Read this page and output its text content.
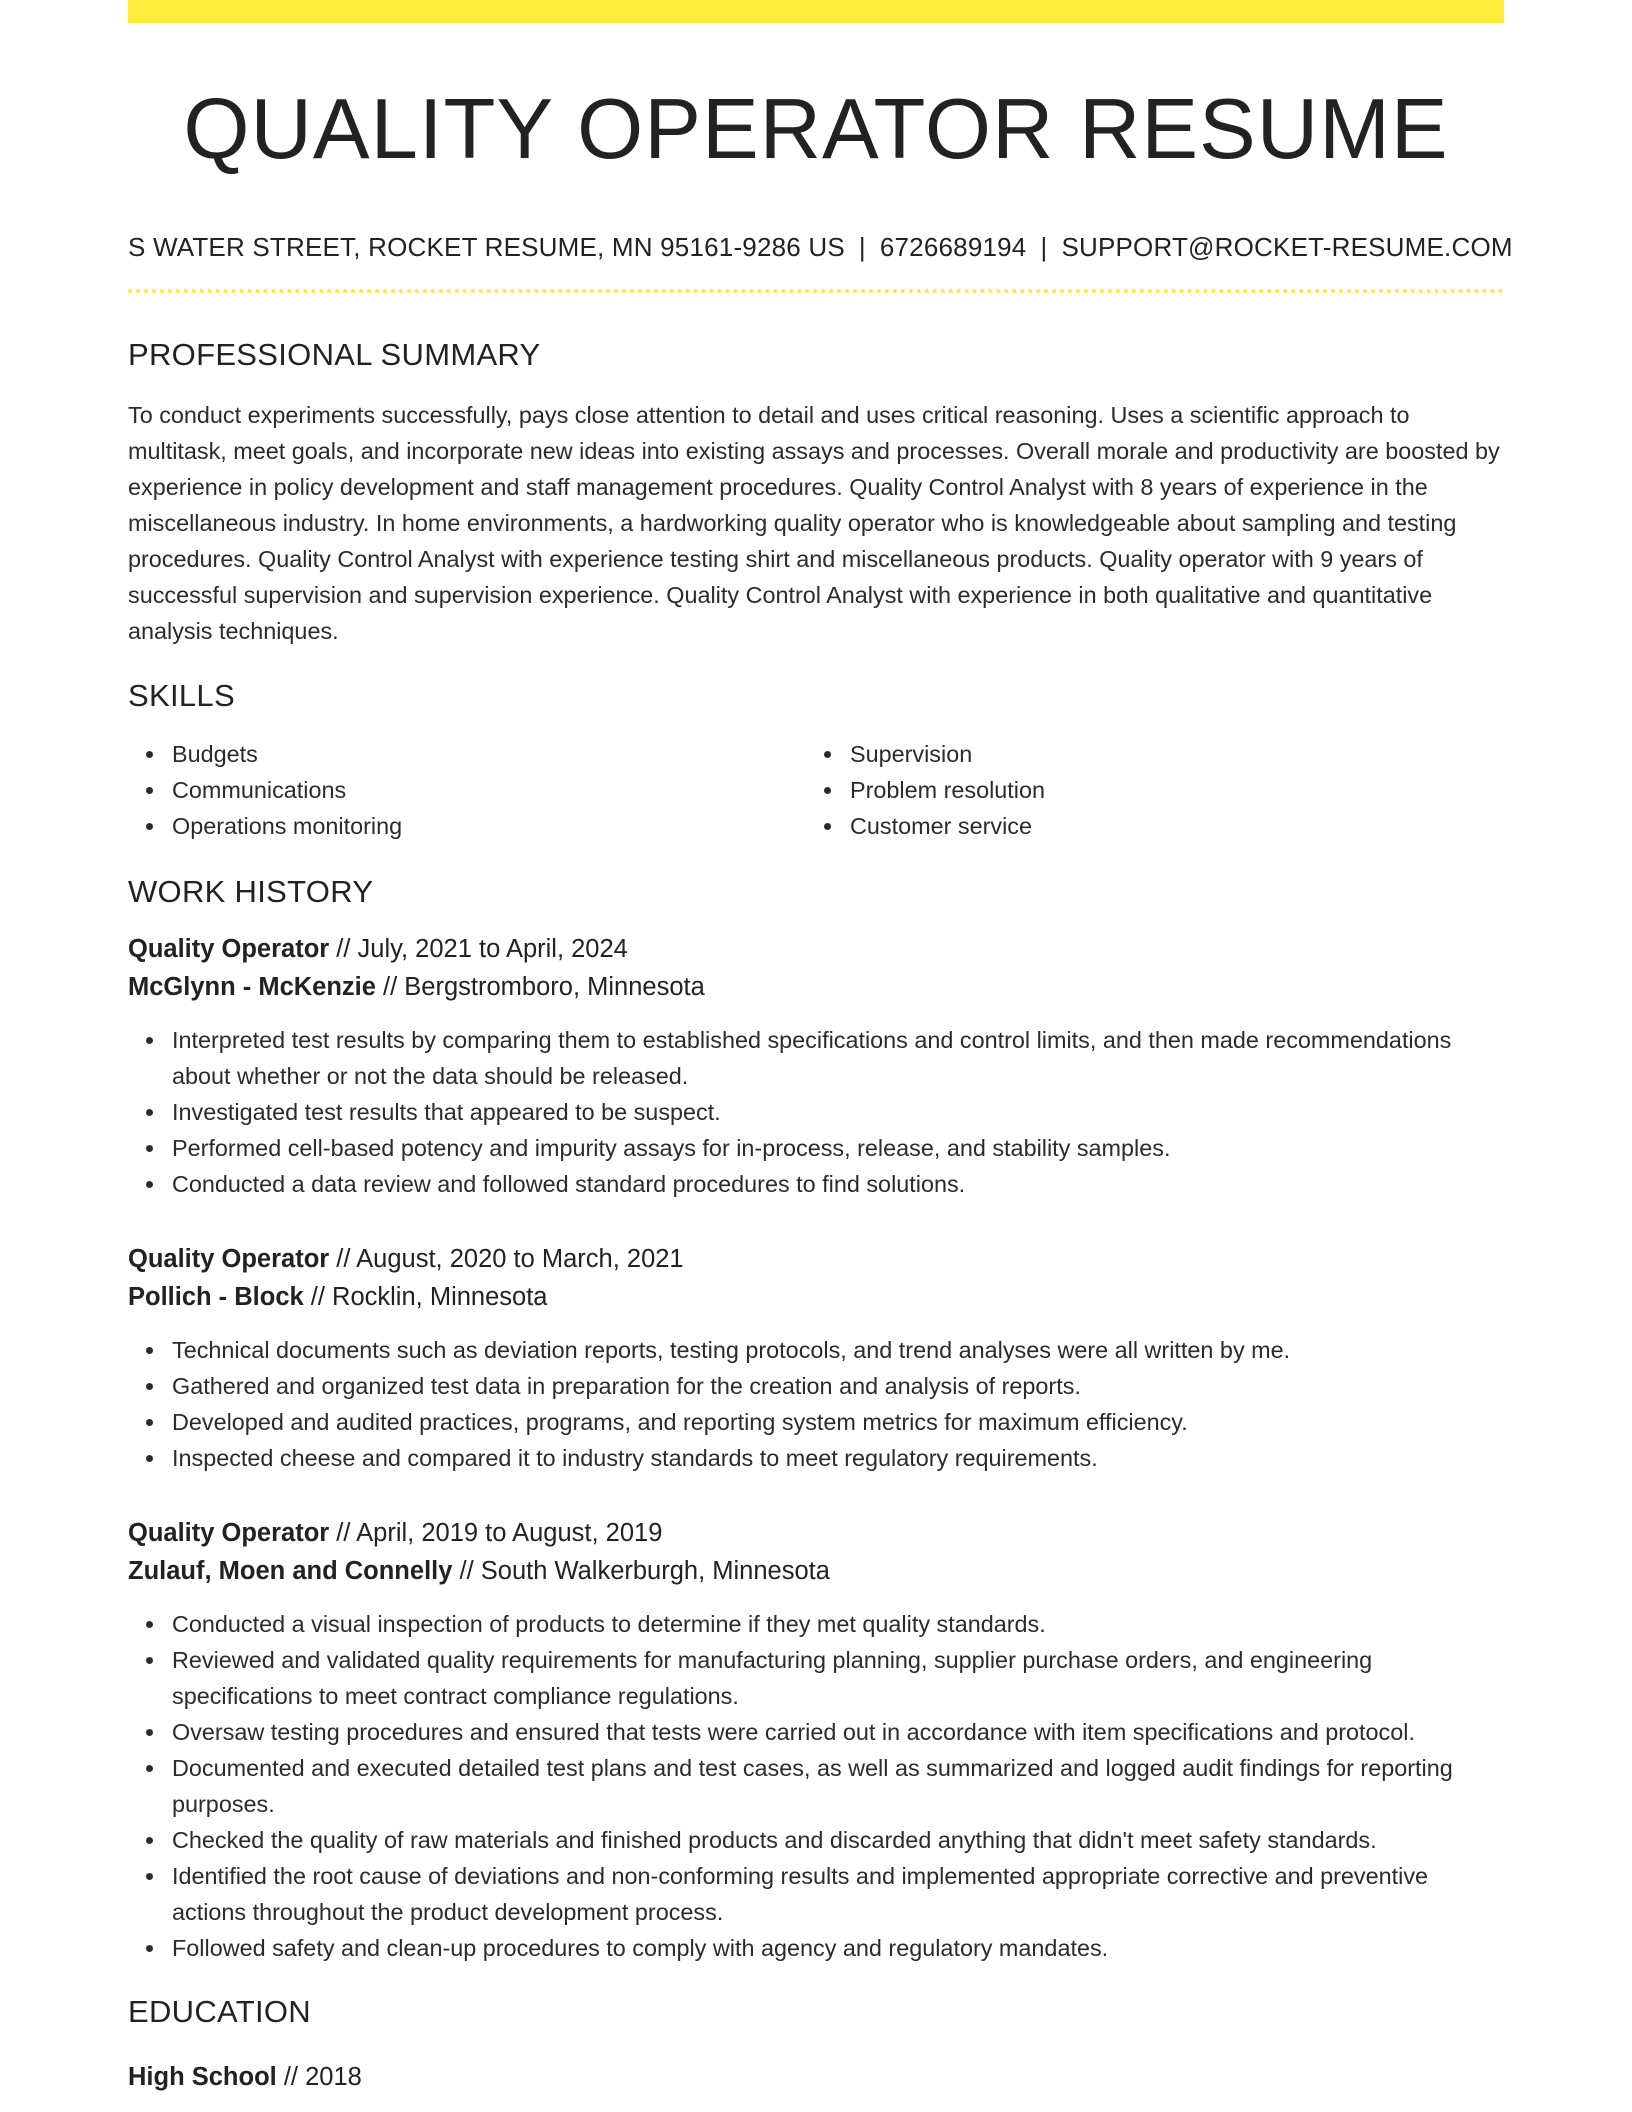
QUALITY OPERATOR RESUME
S WATER STREET, ROCKET RESUME, MN 95161-9286 US | 6726689194 | SUPPORT@ROCKET-RESUME.COM
PROFESSIONAL SUMMARY
To conduct experiments successfully, pays close attention to detail and uses critical reasoning. Uses a scientific approach to multitask, meet goals, and incorporate new ideas into existing assays and processes. Overall morale and productivity are boosted by experience in policy development and staff management procedures. Quality Control Analyst with 8 years of experience in the miscellaneous industry. In home environments, a hardworking quality operator who is knowledgeable about sampling and testing procedures. Quality Control Analyst with experience testing shirt and miscellaneous products. Quality operator with 9 years of successful supervision and supervision experience. Quality Control Analyst with experience in both qualitative and quantitative analysis techniques.
SKILLS
Budgets
Communications
Operations monitoring
Supervision
Problem resolution
Customer service
WORK HISTORY
Quality Operator // July, 2021 to April, 2024
McGlynn - McKenzie // Bergstromboro, Minnesota
Interpreted test results by comparing them to established specifications and control limits, and then made recommendations about whether or not the data should be released.
Investigated test results that appeared to be suspect.
Performed cell-based potency and impurity assays for in-process, release, and stability samples.
Conducted a data review and followed standard procedures to find solutions.
Quality Operator // August, 2020 to March, 2021
Pollich - Block // Rocklin, Minnesota
Technical documents such as deviation reports, testing protocols, and trend analyses were all written by me.
Gathered and organized test data in preparation for the creation and analysis of reports.
Developed and audited practices, programs, and reporting system metrics for maximum efficiency.
Inspected cheese and compared it to industry standards to meet regulatory requirements.
Quality Operator // April, 2019 to August, 2019
Zulauf, Moen and Connelly // South Walkerburgh, Minnesota
Conducted a visual inspection of products to determine if they met quality standards.
Reviewed and validated quality requirements for manufacturing planning, supplier purchase orders, and engineering specifications to meet contract compliance regulations.
Oversaw testing procedures and ensured that tests were carried out in accordance with item specifications and protocol.
Documented and executed detailed test plans and test cases, as well as summarized and logged audit findings for reporting purposes.
Checked the quality of raw materials and finished products and discarded anything that didn't meet safety standards.
Identified the root cause of deviations and non-conforming results and implemented appropriate corrective and preventive actions throughout the product development process.
Followed safety and clean-up procedures to comply with agency and regulatory mandates.
EDUCATION
High School // 2018
